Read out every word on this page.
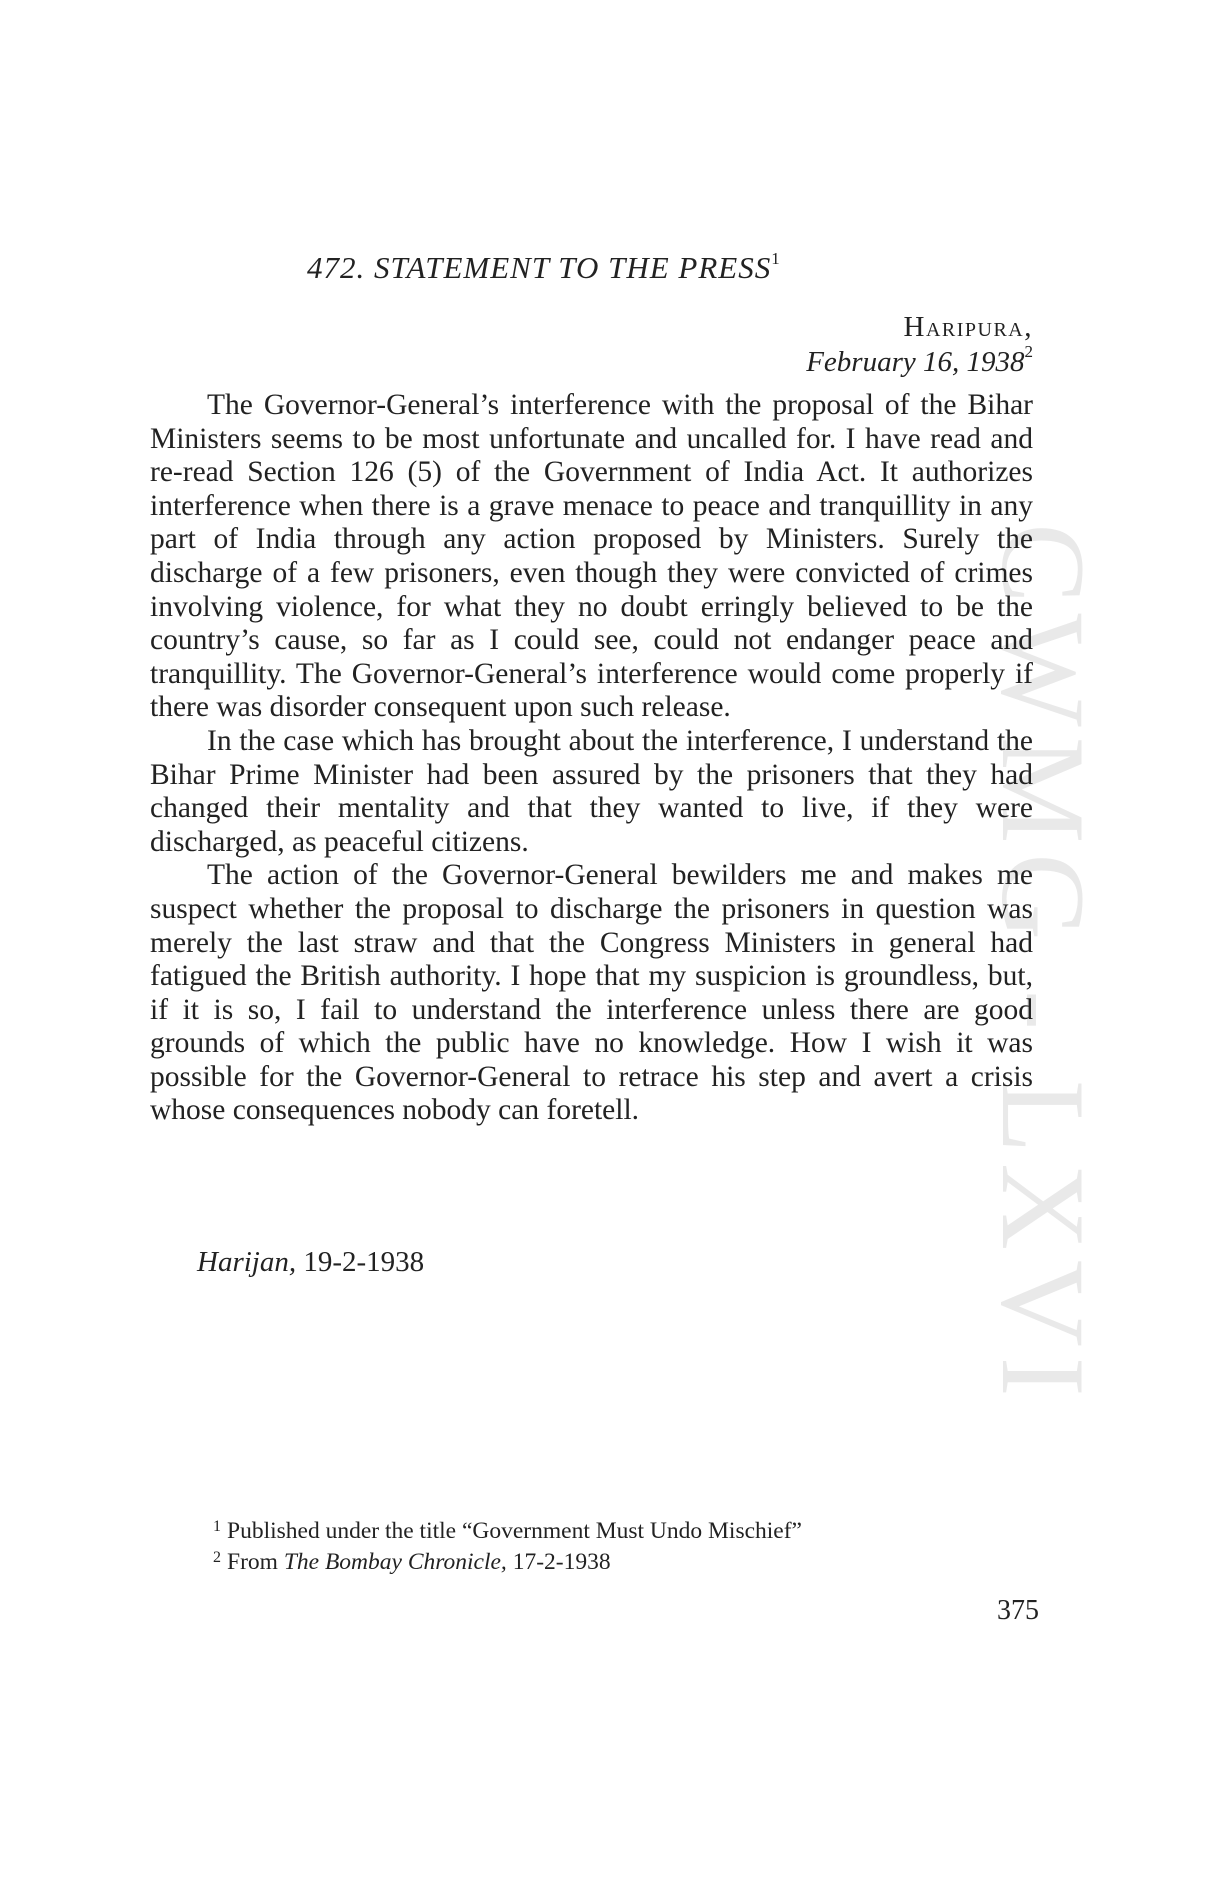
CWMG - LXVI
472. STATEMENT TO THE PRESS$^1$
Haripura,
February 16, 1938$^2$

The Governor-General’s interference with the proposal of the Bihar Ministers seems to be most unfortunate and uncalled for. I have read and re-read Section 126 (5) of the Government of India Act. It authorizes interference when there is a grave menace to peace and tranquillity in any part of India through any action proposed by Ministers. Surely the discharge of a few prisoners, even though they were convicted of crimes involving violence, for what they no doubt erringly believed to be the country’s cause, so far as I could see, could not endanger peace and tranquillity. The Governor-General’s interference would come properly if there was disorder consequent upon such release.

In the case which has brought about the interference, I understand the Bihar Prime Minister had been assured by the prisoners that they had changed their mentality and that they wanted to live, if they were discharged, as peaceful citizens.

The action of the Governor-General bewilders me and makes me suspect whether the proposal to discharge the prisoners in question was merely the last straw and that the Congress Ministers in general had fatigued the British authority. I hope that my suspicion is groundless, but, if it is so, I fail to understand the interference unless there are good grounds of which the public have no knowledge. How I wish it was possible for the Governor-General to retrace his step and avert a crisis whose consequences nobody can foretell.

Harijan, 19-2-1938
$^1$ Published under the title “Government Must Undo Mischief”
$^2$ From The Bombay Chronicle, 17-2-1938
375
